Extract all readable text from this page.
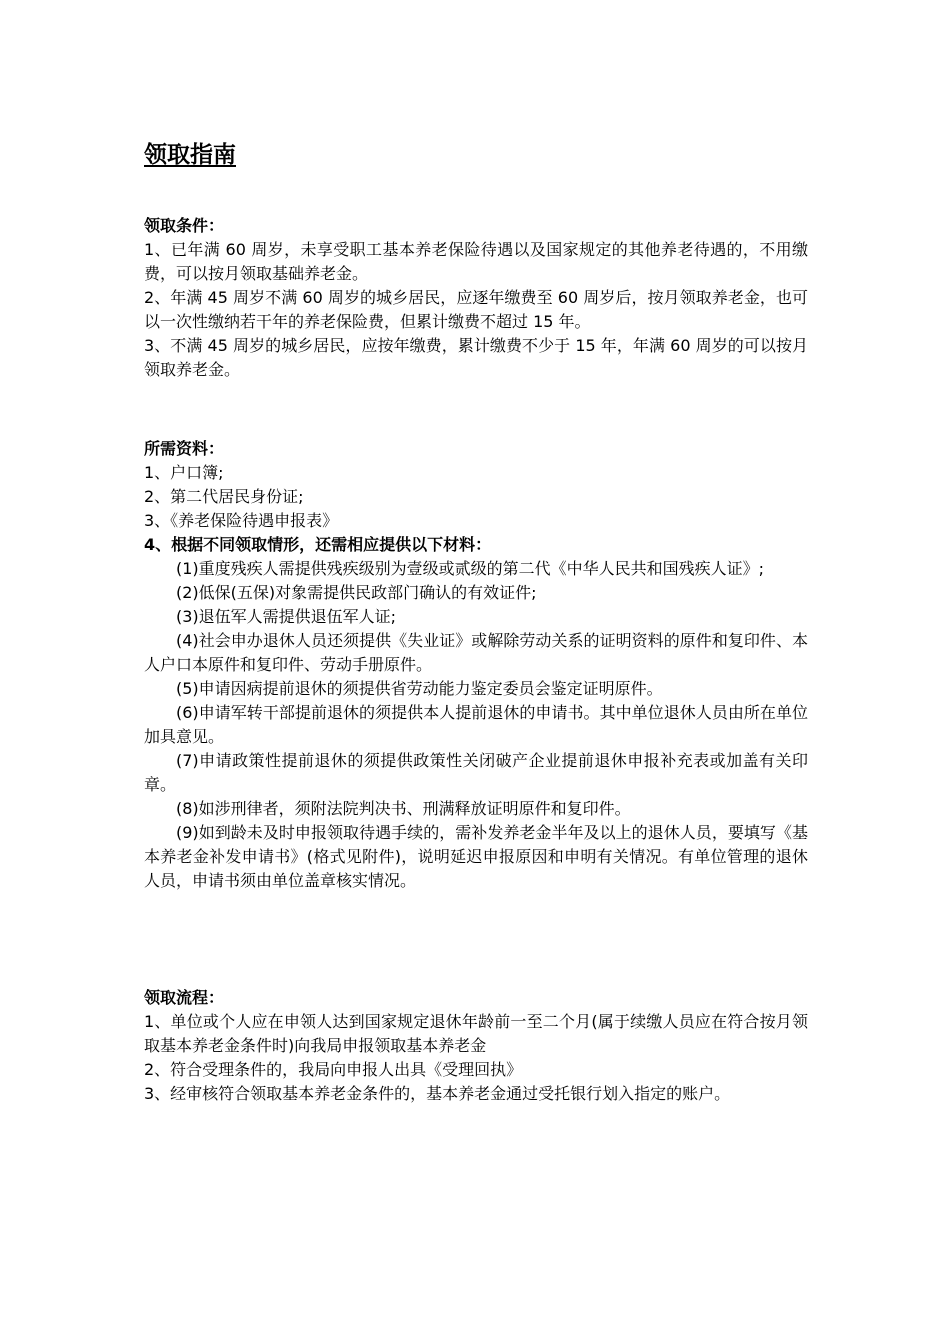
领取指南
领取条件：

1、已年满 60 周岁，未享受职工基本养老保险待遇以及国家规定的其他养老待遇的，不用缴费，可以按月领取基础养老金。

2、年满 45 周岁不满 60 周岁的城乡居民，应逐年缴费至 60 周岁后，按月领取养老金，也可以一次性缴纳若干年的养老保险费，但累计缴费不超过 15 年。

3、不满 45 周岁的城乡居民，应按年缴费，累计缴费不少于 15 年，年满 60 周岁的可以按月领取养老金。

所需资料：

1、户口簿;

2、第二代居民身份证;

3、《养老保险待遇申报表》

4、根据不同领取情形，还需相应提供以下材料：

(1)重度残疾人需提供残疾级别为壹级或贰级的第二代《中华人民共和国残疾人证》;

(2)低保(五保)对象需提供民政部门确认的有效证件;

(3)退伍军人需提供退伍军人证;

(4)社会申办退休人员还须提供《失业证》或解除劳动关系的证明资料的原件和复印件、本人户口本原件和复印件、劳动手册原件。

(5)申请因病提前退休的须提供省劳动能力鉴定委员会鉴定证明原件。

(6)申请军转干部提前退休的须提供本人提前退休的申请书。其中单位退休人员由所在单位加具意见。

(7)申请政策性提前退休的须提供政策性关闭破产企业提前退休申报补充表或加盖有关印章。

(8)如涉刑律者，须附法院判决书、刑满释放证明原件和复印件。

(9)如到龄未及时申报领取待遇手续的，需补发养老金半年及以上的退休人员，要填写《基本养老金补发申请书》(格式见附件)，说明延迟申报原因和申明有关情况。有单位管理的退休人员，申请书须由单位盖章核实情况。

领取流程：

1、单位或个人应在申领人达到国家规定退休年龄前一至二个月(属于续缴人员应在符合按月领取基本养老金条件时)向我局申报领取基本养老金

2、符合受理条件的，我局向申报人出具《受理回执》

3、经审核符合领取基本养老金条件的，基本养老金通过受托银行划入指定的账户。
